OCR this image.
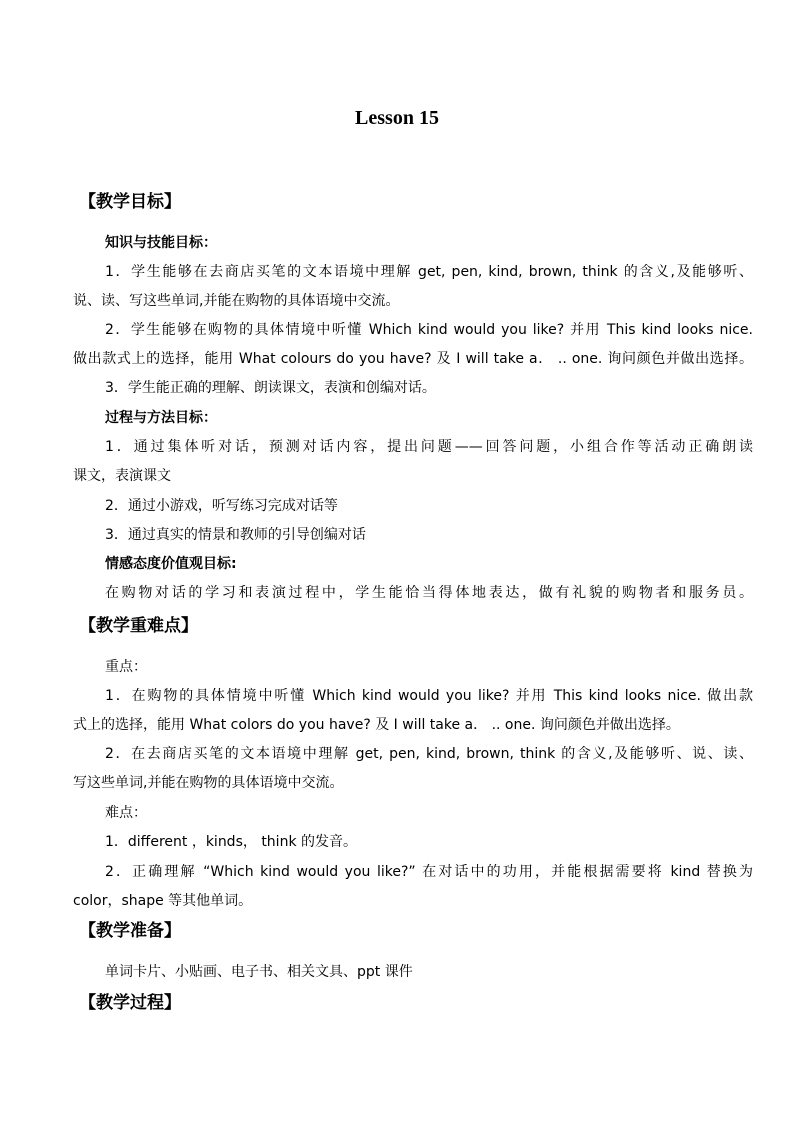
Lesson 15
【教学目标】
知识与技能目标：
1．学生能够在去商店买笔的文本语境中理解 get, pen, kind, brown, think 的含义,及能够听、
说、读、写这些单词,并能在购物的具体语境中交流。
2．学生能够在购物的具体情境中听懂 Which kind would you like? 并用 This kind looks nice.
做出款式上的选择，能用 What colours do you have? 及 I will take a． .. one. 询问颜色并做出选择。
3．学生能正确的理解、朗读课文，表演和创编对话。
过程与方法目标：
1．通过集体听对话，预测对话内容，提出问题——回答问题，小组合作等活动正确朗读
课文，表演课文
2．通过小游戏，听写练习完成对话等
3．通过真实的情景和教师的引导创编对话
情感态度价值观目标:
在购物对话的学习和表演过程中，学生能恰当得体地表达，做有礼貌的购物者和服务员。
【教学重难点】
重点：
1．在购物的具体情境中听懂 Which kind would you like? 并用 This kind looks nice. 做出款
式上的选择，能用 What colors do you have? 及 I will take a． .. one. 询问颜色并做出选择。
2．在去商店买笔的文本语境中理解 get, pen, kind, brown, think 的含义,及能够听、说、读、
写这些单词,并能在购物的具体语境中交流。
难点：
1．different ，kinds， think 的发音。
2．正确理解 “Which kind would you like?” 在对话中的功用，并能根据需要将 kind 替换为
color，shape 等其他单词。
【教学准备】
单词卡片、小贴画、电子书、相关文具、ppt 课件
【教学过程】
